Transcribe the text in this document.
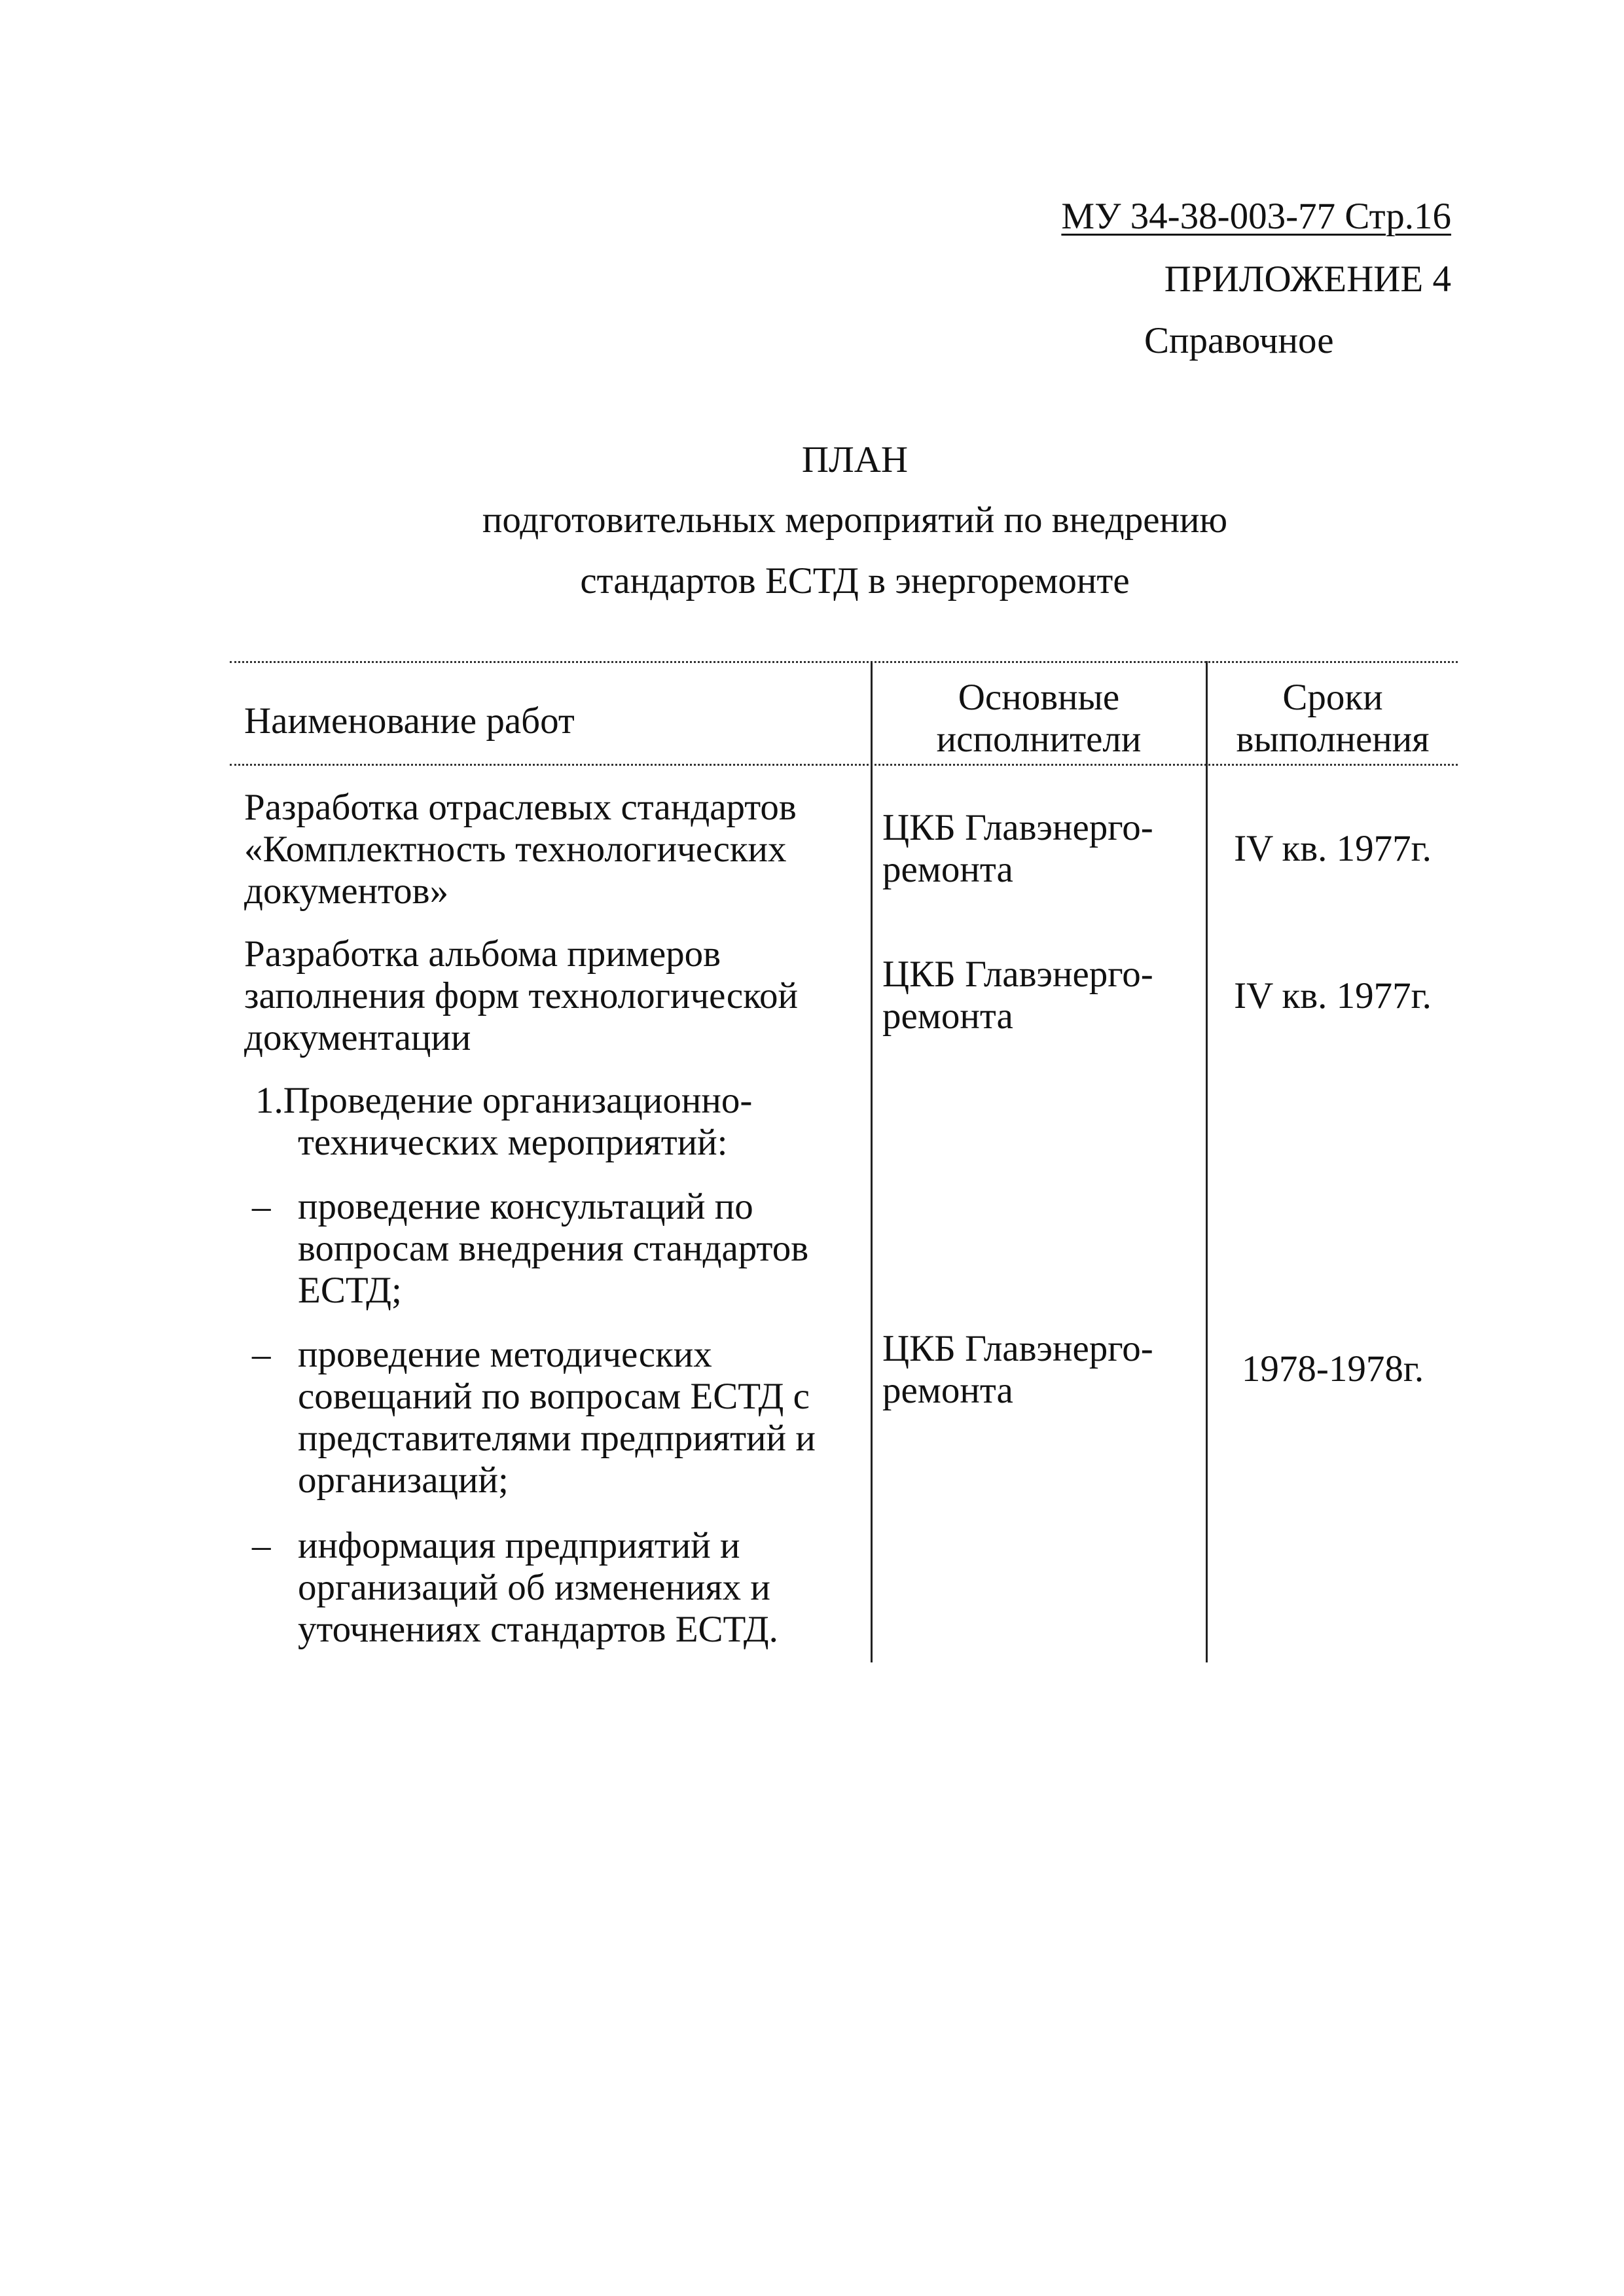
МУ 34-38-003-77 Стр.16
ПРИЛОЖЕНИЕ 4
Справочное
ПЛАН
подготовительных мероприятий по внедрению
стандартов ЕСТД в энергоремонте
Наименование работ
Основные исполнители
Сроки выполнения
Разработка отраслевых стандартов «Комплектность технологических документов»
ЦКБ Главэнерго-ремонта
IV кв. 1977г.
Разработка альбома примеров заполнения форм технологической документации
ЦКБ Главэнерго-ремонта	IV кв. 1977г.
1.Проведение организационно-
технических мероприятий:
– проведение консультаций по вопросам внедрения стандартов ЕСТД;
– проведение методических совещаний по вопросам ЕСТД с представителями предприятий и организаций;
– информация предприятий и организаций об изменениях и уточнениях стандартов ЕСТД.
ЦКБ Главэнерго-ремонта
1978-1978г.
